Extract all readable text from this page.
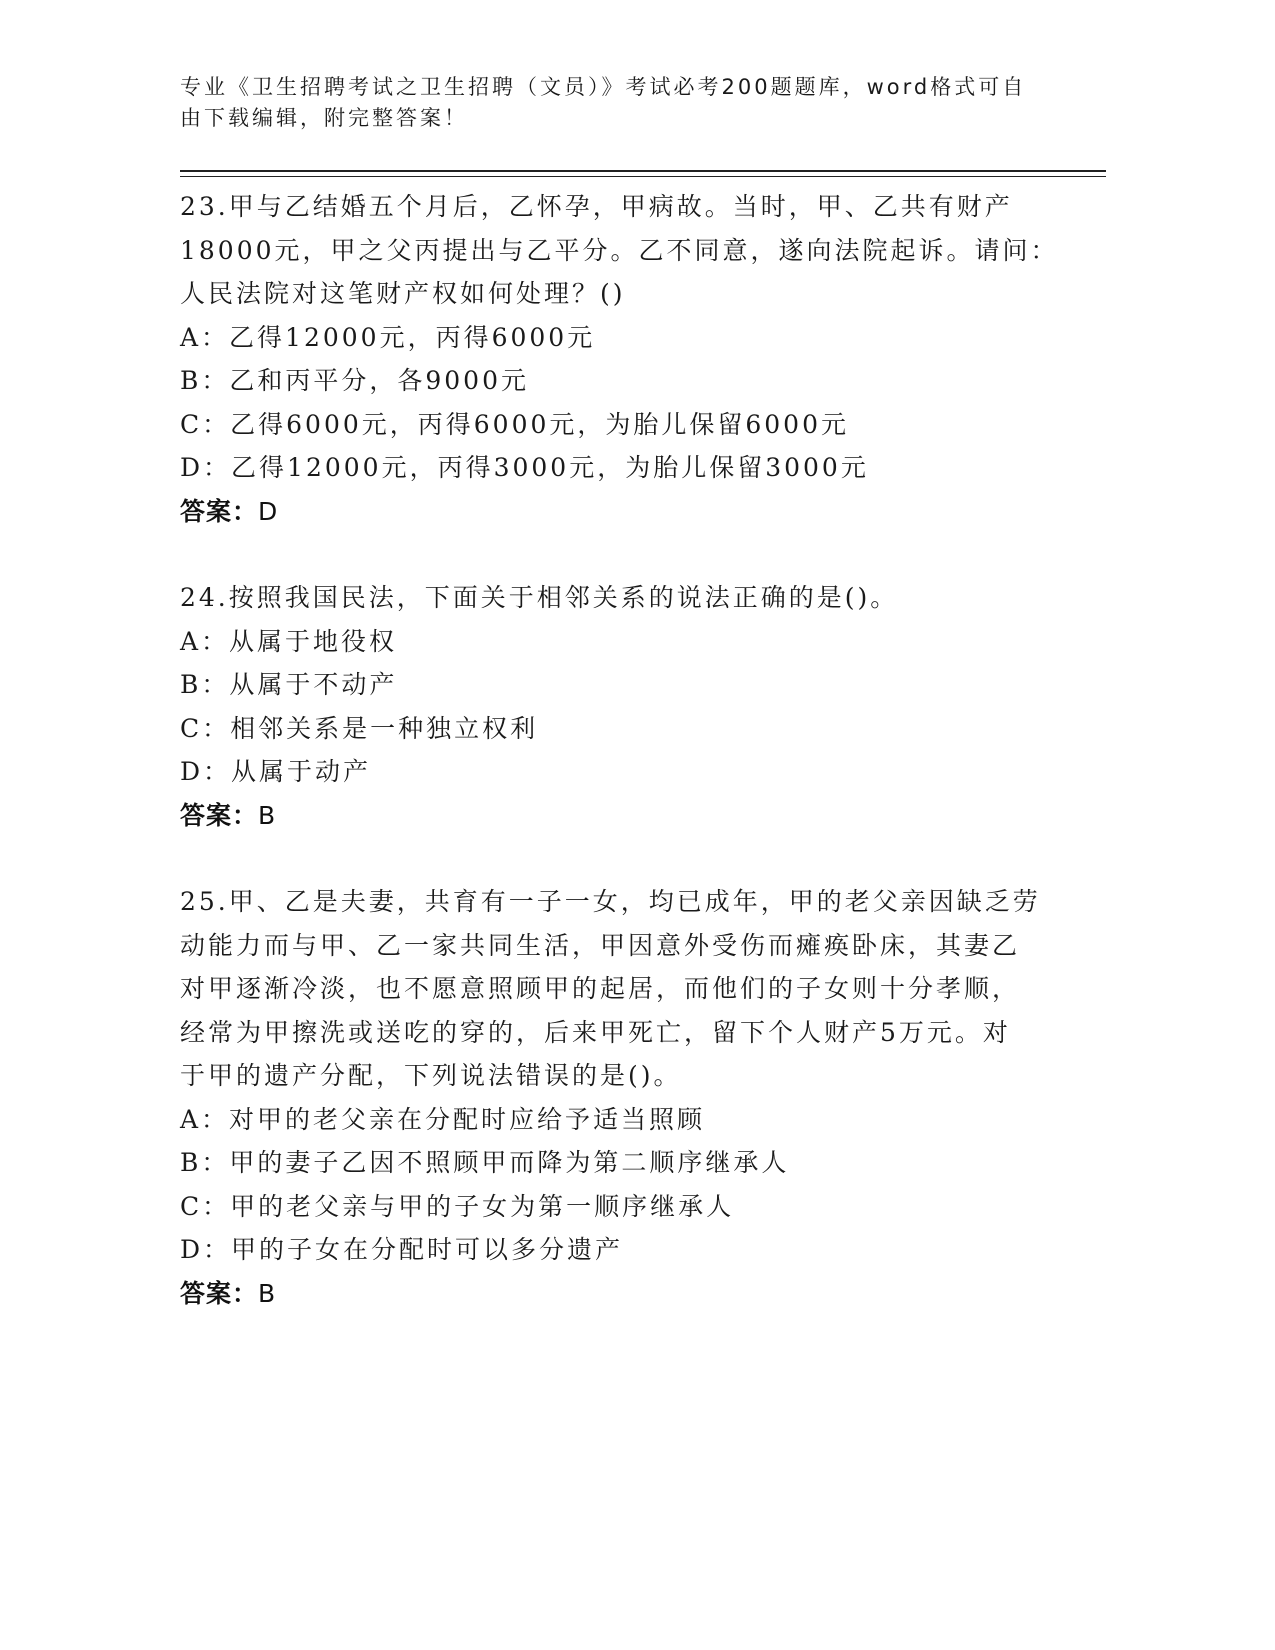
专业《卫生招聘考试之卫生招聘（文员）》考试必考200题题库，word格式可自
由下载编辑，附完整答案！
23.甲与乙结婚五个月后，乙怀孕，甲病故。当时，甲、乙共有财产
18000元，甲之父丙提出与乙平分。乙不同意，遂向法院起诉。请问：
人民法院对这笔财产权如何处理？()
A：乙得12000元，丙得6000元
B：乙和丙平分，各9000元
C：乙得6000元，丙得6000元，为胎儿保留6000元
D：乙得12000元，丙得3000元，为胎儿保留3000元
答案：D
24.按照我国民法，下面关于相邻关系的说法正确的是()。
A：从属于地役权
B：从属于不动产
C：相邻关系是一种独立权利
D：从属于动产
答案：B
25.甲、乙是夫妻，共育有一子一女，均已成年，甲的老父亲因缺乏劳
动能力而与甲、乙一家共同生活，甲因意外受伤而瘫痪卧床，其妻乙
对甲逐渐冷淡，也不愿意照顾甲的起居，而他们的子女则十分孝顺，
经常为甲擦洗或送吃的穿的，后来甲死亡，留下个人财产5万元。对
于甲的遗产分配，下列说法错误的是()。
A：对甲的老父亲在分配时应给予适当照顾
B：甲的妻子乙因不照顾甲而降为第二顺序继承人
C：甲的老父亲与甲的子女为第一顺序继承人
D：甲的子女在分配时可以多分遗产
答案：B
